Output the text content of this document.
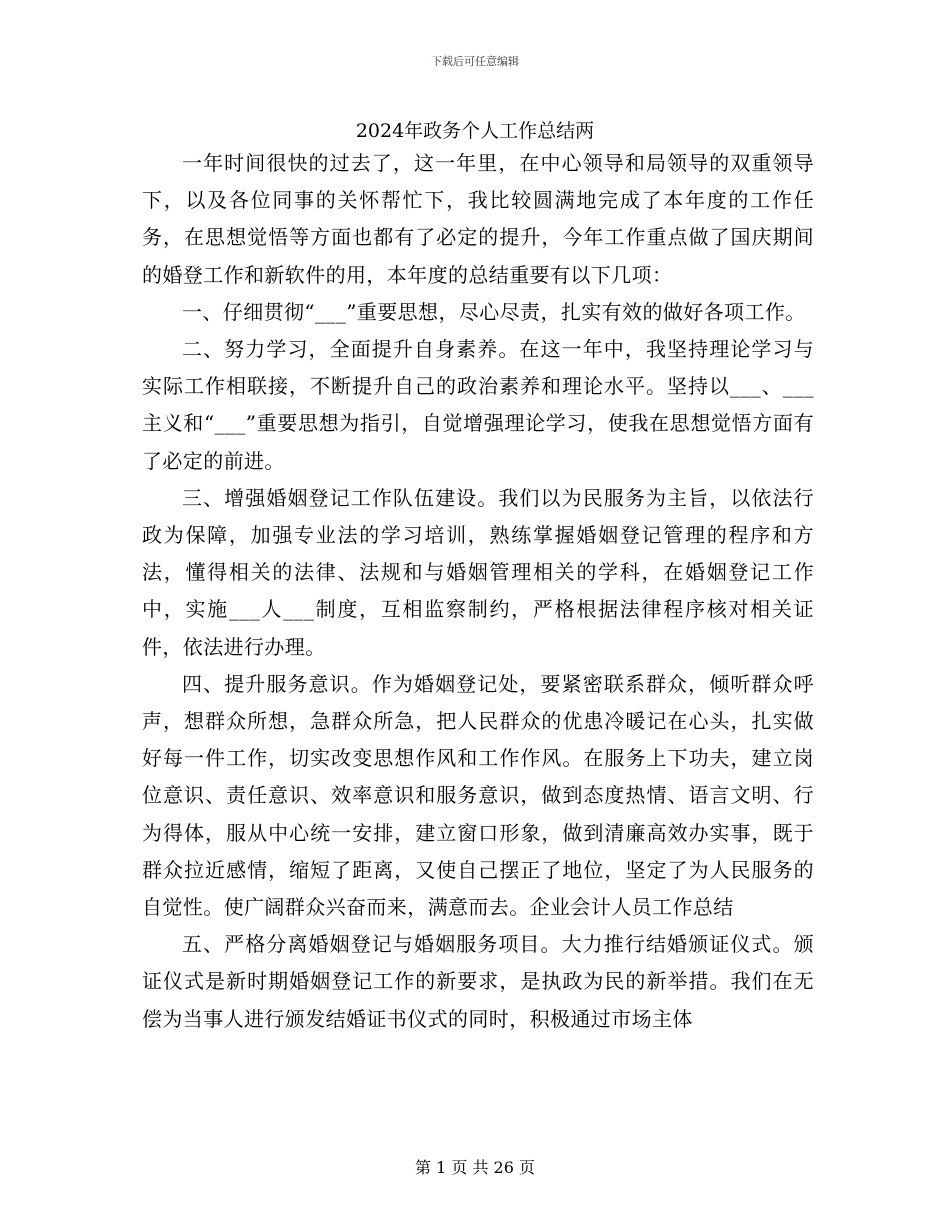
下载后可任意编辑
2024年政务个人工作总结两

一年时间很快的过去了，这一年里，在中心领导和局领导的双重领导下，以及各位同事的关怀帮忙下，我比较圆满地完成了本年度的工作任务，在思想觉悟等方面也都有了必定的提升，今年工作重点做了国庆期间的婚登工作和新软件的用，本年度的总结重要有以下几项：

一、仔细贯彻“___”重要思想，尽心尽责，扎实有效的做好各项工作。

二、努力学习，全面提升自身素养。在这一年中，我坚持理论学习与实际工作相联接，不断提升自己的政治素养和理论水平。坚持以___、___主义和“___”重要思想为指引，自觉增强理论学习，使我在思想觉悟方面有了必定的前进。

三、增强婚姻登记工作队伍建设。我们以为民服务为主旨，以依法行政为保障，加强专业法的学习培训，熟练掌握婚姻登记管理的程序和方法，懂得相关的法律、法规和与婚姻管理相关的学科，在婚姻登记工作中，实施___人___制度，互相监察制约，严格根据法律程序核对相关证件，依法进行办理。

四、提升服务意识。作为婚姻登记处，要紧密联系群众，倾听群众呼声，想群众所想，急群众所急，把人民群众的优患冷暖记在心头，扎实做好每一件工作，切实改变思想作风和工作作风。在服务上下功夫，建立岗位意识、责任意识、效率意识和服务意识，做到态度热情、语言文明、行为得体，服从中心统一安排，建立窗口形象，做到清廉高效办实事，既于群众拉近感情，缩短了距离，又使自己摆正了地位，坚定了为人民服务的自觉性。使广阔群众兴奋而来，满意而去。企业会计人员工作总结

五、严格分离婚姻登记与婚姻服务项目。大力推行结婚颁证仪式。颁证仪式是新时期婚姻登记工作的新要求，是执政为民的新举措。我们在无偿为当事人进行颁发结婚证书仪式的同时，积极通过市场主体

第 1 页 共 26 页
